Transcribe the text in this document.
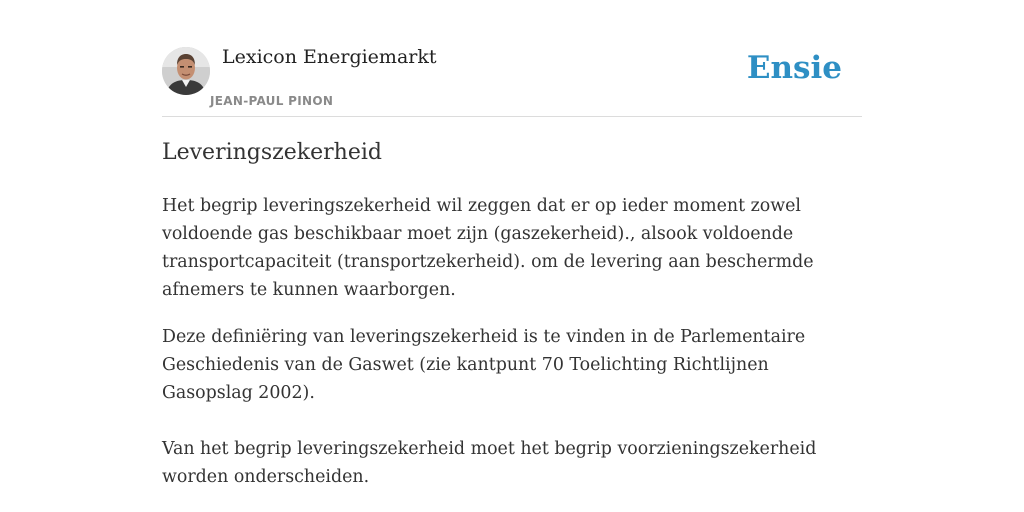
Lexicon Energiemarkt
JEAN-PAUL PINON
Ensie
Leveringszekerheid

Het begrip leveringszekerheid wil zeggen dat er op ieder moment zowel voldoende gas beschikbaar moet zijn (gaszekerheid)., alsook voldoende transportcapaciteit (transportzekerheid). om de levering aan beschermde afnemers te kunnen waarborgen.

Deze definiëring van leveringszekerheid is te vinden in de Parlementaire Geschiedenis van de Gaswet (zie kantpunt 70 Toelichting Richtlijnen Gasopslag 2002).

Van het begrip leveringszekerheid moet het begrip voorzieningszekerheid worden onderscheiden.
